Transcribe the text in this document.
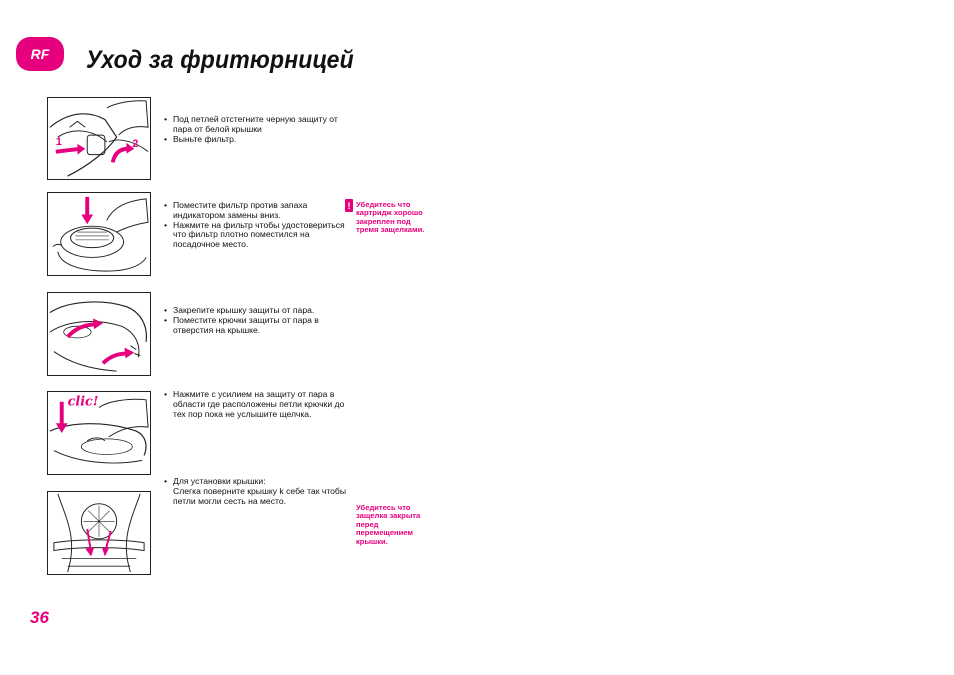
RF Уход за фритюрницей
1	2
• Под петлей отстегните черную защиту от пара от белой крышки
• Выньте фильтр.
• Поместите фильтр против запаха индикатором замены вниз.
• Нажмите на фильтр чтобы удостовериться что фильтр плотно поместился на посадочное место.
! Убедитесь что картридж хорошо закреплен под тремя защелками.
• Закрепите крышку защиты от пара.
• Поместите крючки защиты от пара в отверстия на крышке.
clic!
•	Нажмите с усилием на защиту от пара в области где расположены петли крючки до тех пор пока не услышите щелчка.
• Для установки крышки:
Слегка поверните крышку k себе так чтобы петли могли сесть на место.
Убедитесь что защелка закрыта перед перемещением крышки.
36
